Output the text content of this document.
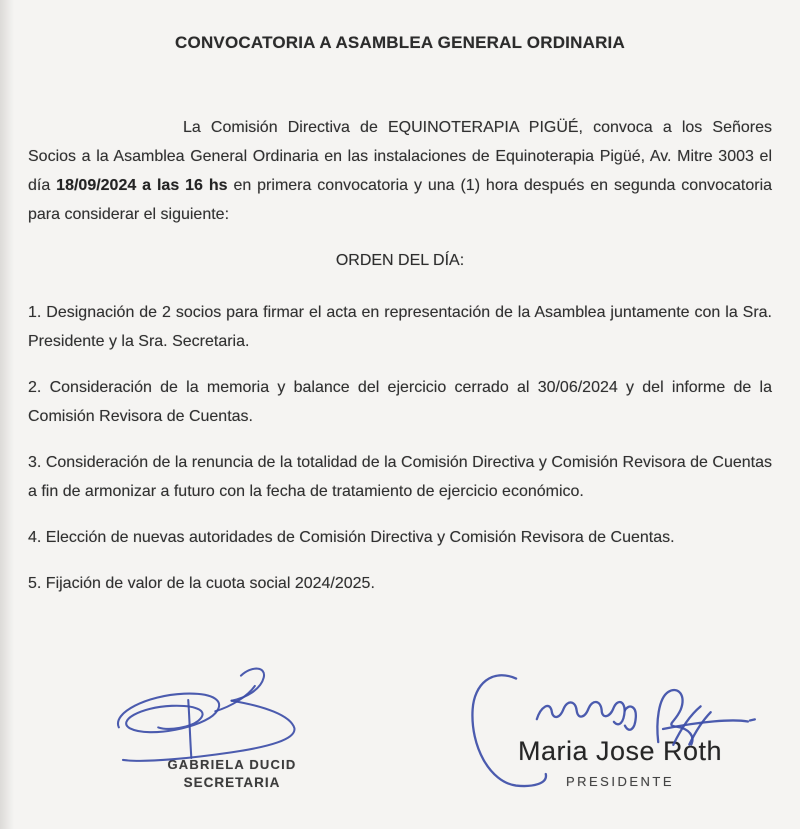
CONVOCATORIA A ASAMBLEA GENERAL ORDINARIA

La Comisión Directiva de EQUINOTERAPIA PIGÜÉ, convoca a los Señores Socios a la Asamblea General Ordinaria en las instalaciones de Equinoterapia Pigüé, Av. Mitre 3003 el día 18/09/2024 a las 16 hs en primera convocatoria y una (1) hora después en segunda convocatoria para considerar el siguiente:

ORDEN DEL DÍA:

1. Designación de 2 socios para firmar el acta en representación de la Asamblea juntamente con la Sra. Presidente y la Sra. Secretaria.

2. Consideración de la memoria y balance del ejercicio cerrado al 30/06/2024 y del informe de la Comisión Revisora de Cuentas.

3. Consideración de la renuncia de la totalidad de la Comisión Directiva y Comisión Revisora de Cuentas a fin de armonizar a futuro con la fecha de tratamiento de ejercicio económico.

4. Elección de nuevas autoridades de Comisión Directiva y Comisión Revisora de Cuentas.

5. Fijación de valor de la cuota social 2024/2025.

GABRIELA DUCID
SECRETARIA
Maria Jose Roth
PRESIDENTE
